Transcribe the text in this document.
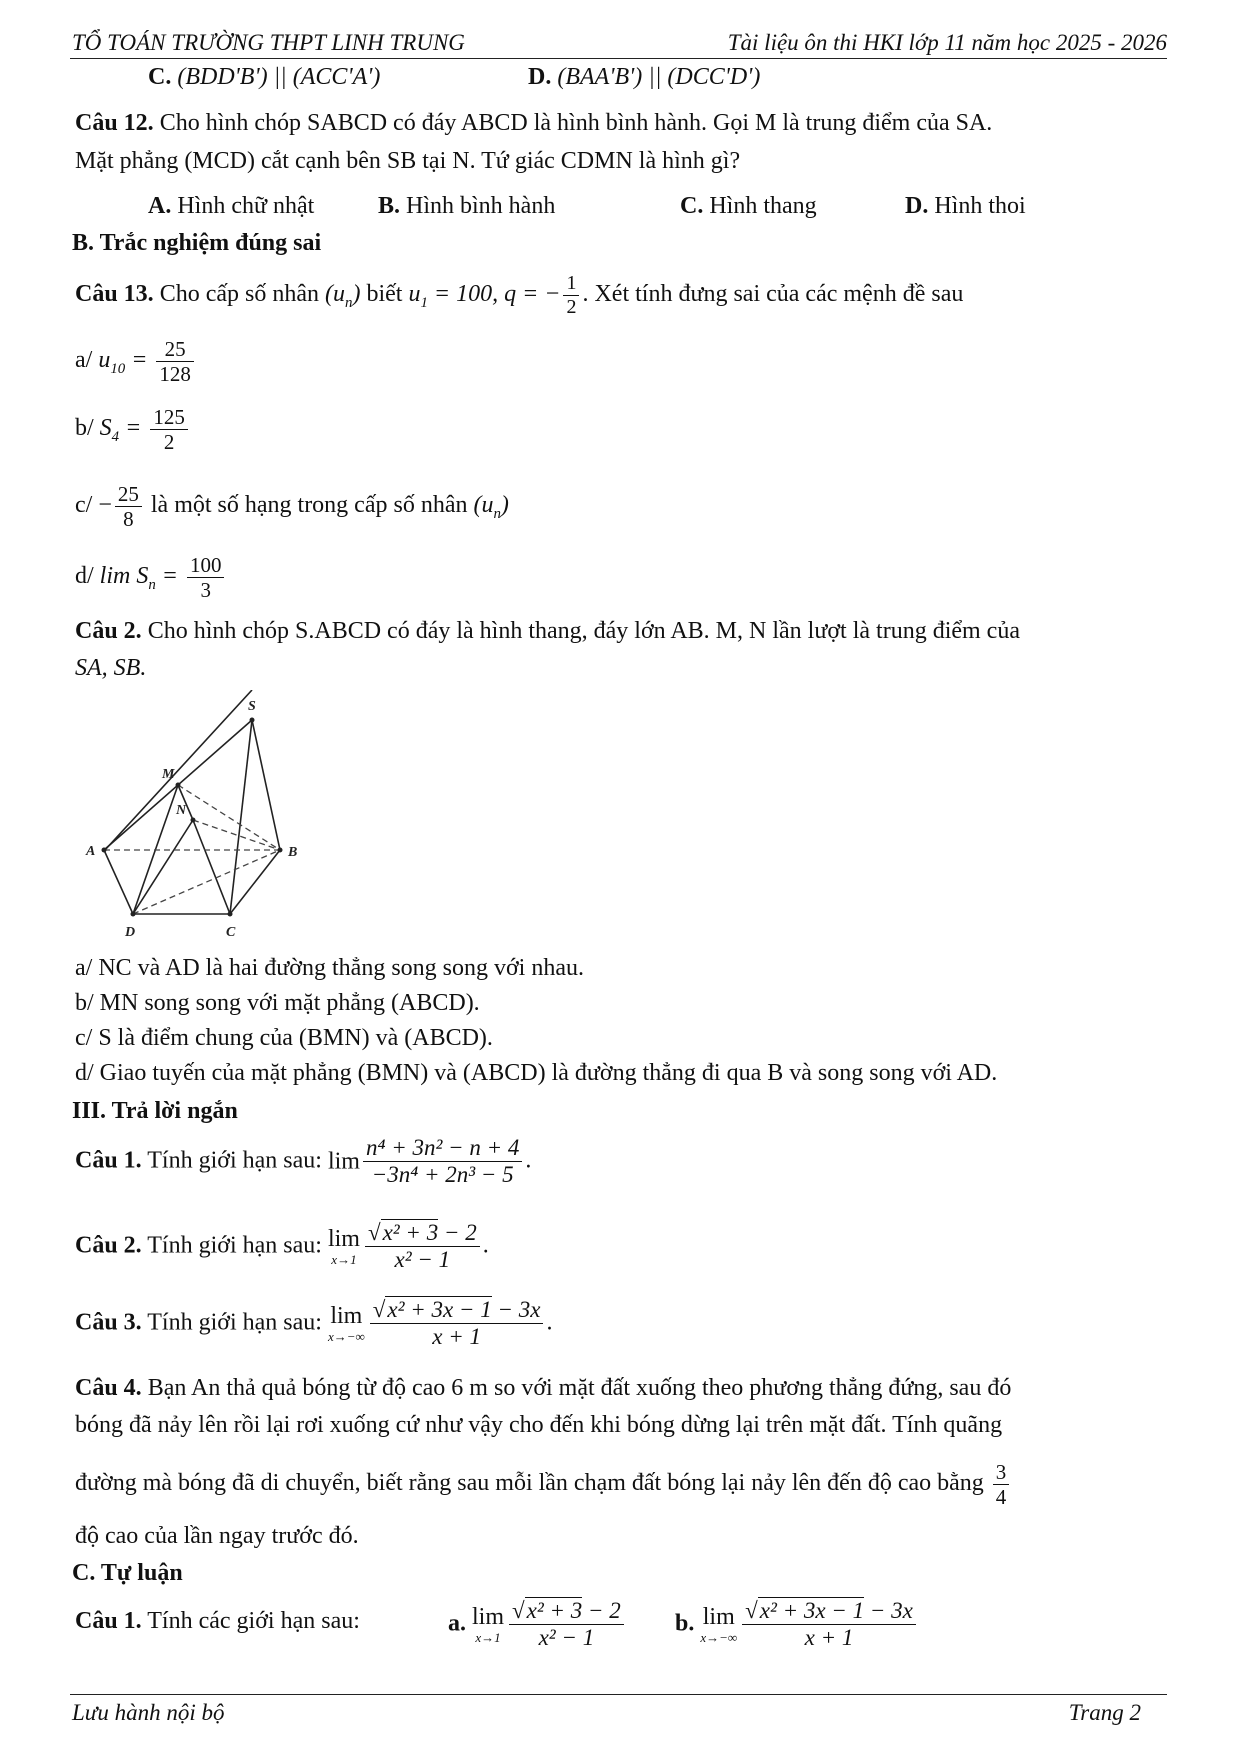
TỔ TOÁN TRƯỜNG THPT LINH TRUNG	Tài liệu ôn thi HKI lớp 11 năm học 2025 - 2026
C. (BDD'B') || (ACC'A')	D. (BAA'B') || (DCC'D')
Câu 12. Cho hình chóp SABCD có đáy ABCD là hình bình hành. Gọi M là trung điểm của SA.
Mặt phẳng (MCD) cắt cạnh bên SB tại N. Tứ giác CDMN là hình gì?
A. Hình chữ nhật	B. Hình bình hành	C. Hình thang	D. Hình thoi
B. Trắc nghiệm đúng sai
Câu 13. Cho cấp số nhân $(u_n)$ biết $u_1 = 100$, q = − $\frac{1}{2}$ . Xét tính đưng sai của các mệnh đề sau
a/ $u_{10} = \frac{25}{128}$
b/ $S_4 = \frac{125}{2}$
$c/ - \frac{25}{8}$ là một số hạng trong cấp số nhân $(u_n)$
d/ $\lim S_n = \frac{100}{3}$
Câu 2. Cho hình chóp S.ABCD có đáy là hình thang, đáy lớn AB. M, N lần lượt là trung điểm của
SA, SB.
S
M
N
A	B
D	C
a/ NC và AD là hai đường thẳng song song với nhau.
b/ MN song song với mặt phẳng (ABCD).
c/ S là điểm chung của (BMN) và (ABCD).
d/ Giao tuyến của mặt phẳng (BMN) và (ABCD) là đường thẳng đi qua B và song song với AD.
III. Trả lời ngắn
Câu 1. Tính giới hạn sau: $\lim \frac{\text{n⁴ + 3n² − n + 4}}{\text{−3n⁴ + 2n³ − 5}}$ .
Câu 2. Tính giới hạn sau: lim
$x\to 1 \frac{\text{√x² + 3 − 2}}{\text{x² − 1}}$ .
Câu 3. Tính giới hạn sau: lim
$x\to-\infty \frac{\text{√x² + 3x − 1 − 3x}}{x + 1}$ .
Câu 4. Bạn An thả quả bóng từ độ cao 6 m so với mặt đất xuống theo phương thẳng đứng, sau đó
bóng đã nảy lên rồi lại rơi xuống cứ như vậy cho đến khi bóng dừng lại trên mặt đất. Tính quãng
đường mà bóng đã di chuyển, biết rằng sau mỗi lần chạm đất bóng lại nảy lên đến độ cao bằng $\frac{3}{4}$
độ cao của lần ngay trước đó.
C. Tự luận
Câu 1. Tính các giới hạn sau:	a. lim
$x\to 1 \frac{\text{√x² + 3 − 2}}{\text{x² − 1}} b$. lim
$x\to-\infty \frac{\text{√x² + 3x − 1 − 3x}}{x + 1}$
Lưu hành nội bộ	Trang 2
